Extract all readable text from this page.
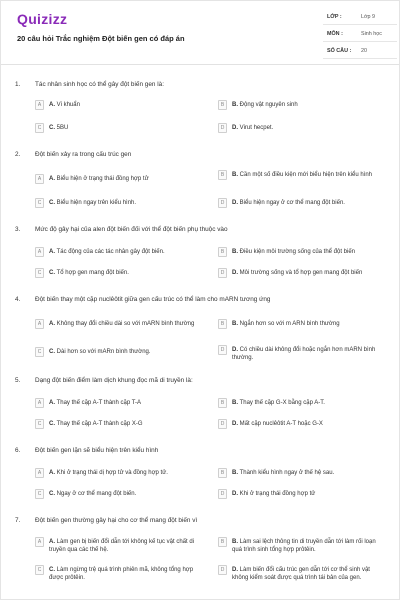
Quizizz
20 câu hỏi Trắc nghiệm Đột biến gen có đáp án
LỚP :	Lớp 9
MÔN :	Sinh học
SỐ CÂU : 20
1. Tác nhân sinh học có thể gây đột biến gen là:
A	A. Vi khuẩn	B	B. Động vật nguyên sinh
C	C. 5BU	D	D. Virut hecpet.
2. Đột biến xảy ra trong cấu trúc gen
A	A. Biểu hiện ở trạng thái đồng hợp tử
B	B. Cần một số điều kiện mới biểu hiện trên kiểu hình
C	C. Biểu hiện ngay trên kiểu hình.	D	D. Biểu hiện ngay ở cơ thể mang đột biến.
3. Mức độ gây hại của alen đột biến đối với thể đột biến phụ thuộc vào
A	A. Tác động của các tác nhân gây đột biến.	B	B. Điều kiện môi trường sống của thể đột biến
C	C. Tổ hợp gen mang đột biến.	D	D. Môi trường sống và tổ hợp gen mang đột biến
4. Đột biến thay một cặp nuclêôtit giữa gen cấu trúc có thể làm cho mARN tương ứng
A	A. Không thay đổi chiều dài so với mARN bình thường	B	B. Ngắn hơn so với m ARN bình thường
C	C. Dài hơn so với mARn bình thường.	D	D. Có chiều dài không đổi hoặc ngắn hơn mARN bình thường.
5. Dạng đột biến điểm làm dịch khung đọc mã di truyền là:
A	A. Thay thế cặp A-T thành cặp T-A	B	B. Thay thế cặp G-X bằng cặp A-T.
C	C. Thay thế cặp A-T thành cặp X-G	D	D. Mất cặp nuclêôtit A-T hoặc G-X
6. Đột biến gen lặn sẽ biểu hiện trên kiểu hình
A	A. Khi ở trạng thái dị hợp tử và đồng hợp tử.	B	B. Thành kiểu hình ngay ở thế hệ sau.
C	C. Ngay ở cơ thể mang đột biến.	D	D. Khi ở trạng thái đồng hợp tử
7. Đột biến gen thường gây hại cho cơ thể mang đột biến vì
A	A. Làm gen bị biến đổi dẫn tới không kế tục vật chất di truyền qua các thế hệ.
B	B. Làm sai lệch thông tin di truyền dẫn tới làm rối loạn quá trình sinh tổng hợp prôtêin.
C	C. Làm ngừng trệ quá trình phiên mã, không tổng hợp được prôtêin.
D	D. Làm biến đổi cấu trúc gen dẫn tới cơ thể sinh vật không kiểm soát được quá trình tái bản của gen.
